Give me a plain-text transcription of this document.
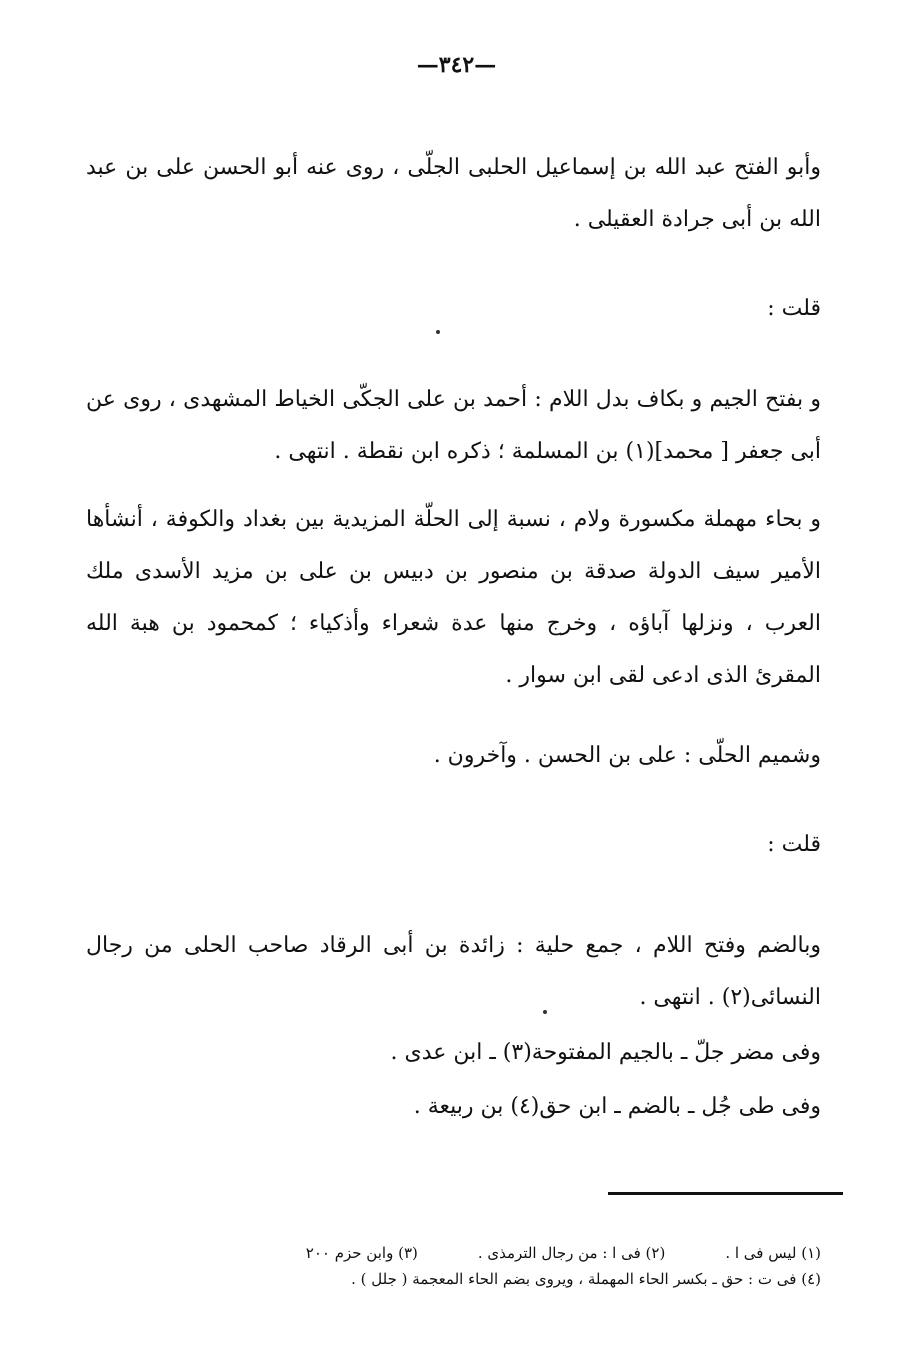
—٣٤٢—
وأبو الفتح عبد الله بن إسماعيل الحلبى الجلّى ، روى عنه أبو الحسن على بن عبد الله بن أبى جرادة العقيلى .
قلت :
و بفتح الجيم و بكاف بدل اللام : أحمد بن على الجكّى الخياط المشهدى ، روى عن أبى جعفر [ محمد](١) بن المسلمة ؛ ذكره ابن نقطة . انتهى .
و بحاء مهملة مكسورة ولام ، نسبة إلى الحلّة المزيدية بين بغداد والكوفة ، أنشأها الأمير سيف الدولة صدقة بن منصور بن دبيس بن على بن مزيد الأسدى ملك العرب ، ونزلها آباؤه ، وخرج منها عدة شعراء وأذكياء ؛ كمحمود بن هبة الله المقرئ الذى ادعى لقى ابن سوار .
وشميم الحلّى : على بن الحسن . وآخرون .
قلت :
وبالضم وفتح اللام ، جمع حلية : زائدة بن أبى الرقاد صاحب الحلى من رجال النسائى(٢) . انتهى .
وفى مضر جلّ ـ بالجيم المفتوحة(٣) ـ ابن عدى .
وفى طى جُل ـ بالضم ـ ابن حق(٤) بن ربيعة .
(١) ليس فى ا .
(٢) فى ا : من رجال الترمذى .
(٣) وابن حزم ٢٠٠
(٤) فى ت : حق ـ بكسر الحاء المهملة ، ويروى بضم الحاء المعجمة ( جلل ) .
